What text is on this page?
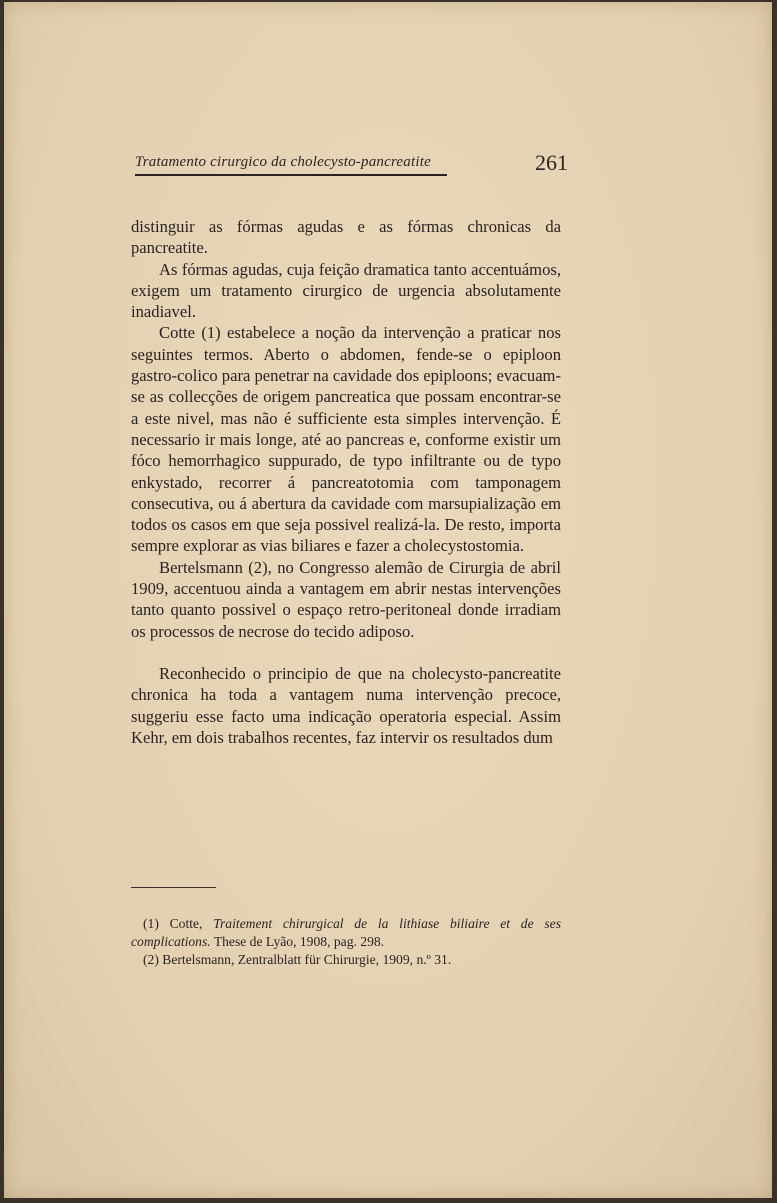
Tratamento cirurgico da cholecysto-pancreatite	261

distinguir as fórmas agudas e as fórmas chronicas da pancreatite.

As fórmas agudas, cuja feição dramatica tanto accentuámos, exigem um tratamento cirurgico de urgencia absolutamente inadiavel.

Cotte (1) estabelece a noção da intervenção a praticar nos seguintes termos. Aberto o abdomen, fende-se o epiploon gastro-colico para penetrar na cavidade dos epiploons; evacuam-se as collecções de origem pancreatica que possam encontrar-se a este nivel, mas não é sufficiente esta simples intervenção. É necessario ir mais longe, até ao pancreas e, conforme existir um fóco hemorrhagico suppurado, de typo infiltrante ou de typo enkystado, recorrer á pancreatotomia com tamponagem consecutiva, ou á abertura da cavidade com marsupialização em todos os casos em que seja possivel realizá-la. De resto, importa sempre explorar as vias biliares e fazer a cholecystostomia.

Bertelsmann (2), no Congresso alemão de Cirurgia de abril 1909, accentuou ainda a vantagem em abrir nestas intervenções tanto quanto possivel o espaço retro-peritoneal donde irradiam os processos de necrose do tecido adiposo.

Reconhecido o principio de que na cholecysto-pancreatite chronica ha toda a vantagem numa intervenção precoce, suggeriu esse facto uma indicação operatoria especial. Assim Kehr, em dois trabalhos recentes, faz intervir os resultados dum

(1) Cotte, Traitement chirurgical de la lithiase biliaire et de ses complications. These de Lyão, 1908, pag. 298.

(2) Bertelsmann, Zentralblatt für Chirurgie, 1909, n.º 31.
